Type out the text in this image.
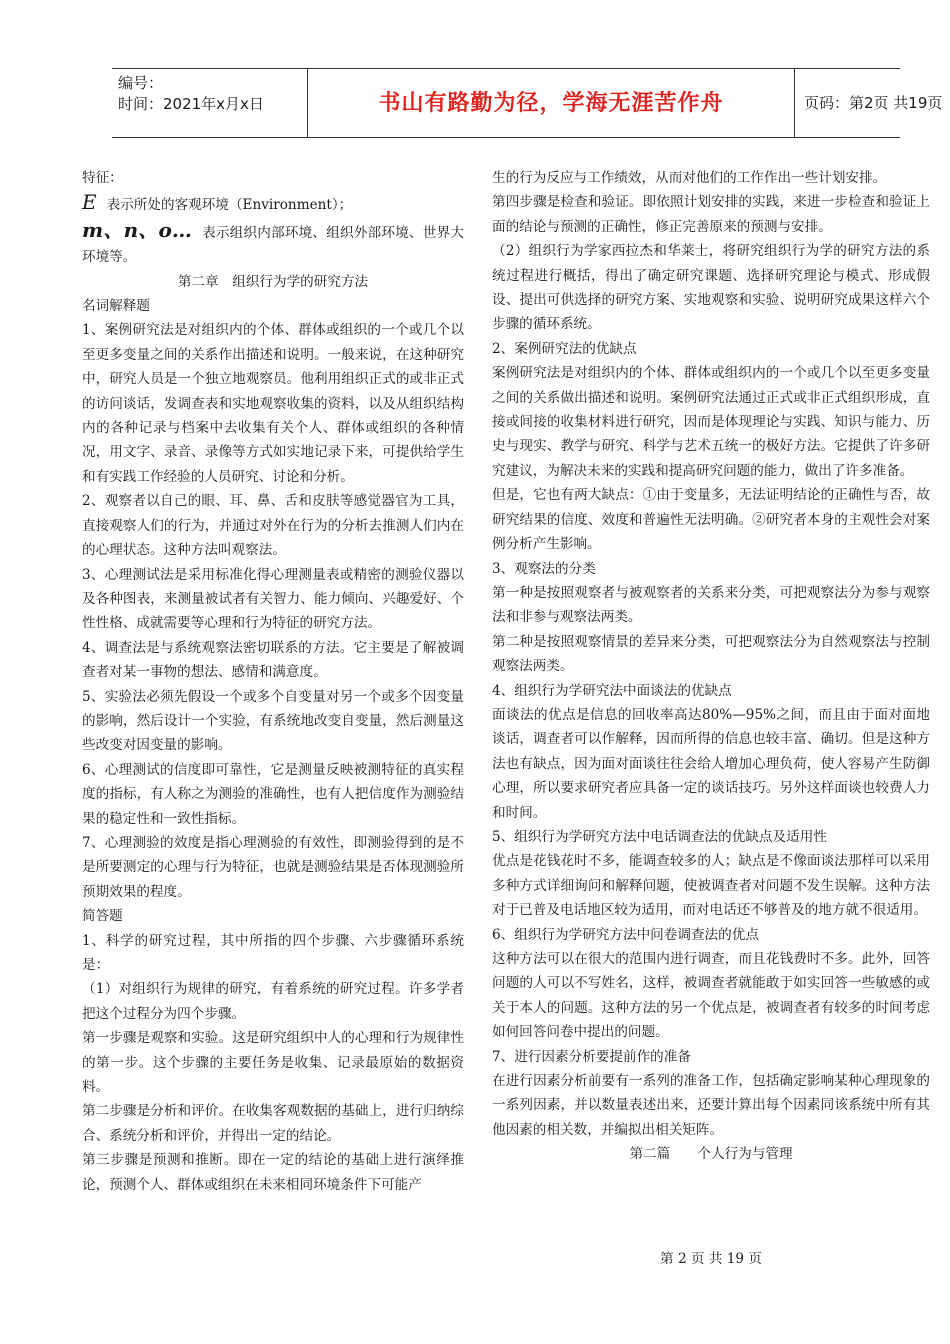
编号：
时间：2021年x月x日	书山有路勤为径，学海无涯苦作舟	页码：第2页 共19页

特征：

E 表示所处的客观环境（Environment）；

m、n、o… 表示组织内部环境、组织外部环境、世界大环境等。

第二章　组织行为学的研究方法

名词解释题

1、案例研究法是对组织内的个体、群体或组织的一个或几个以至更多变量之间的关系作出描述和说明。一般来说，在这种研究中，研究人员是一个独立地观察员。他利用组织正式的或非正式的访问谈话，发调查表和实地观察收集的资料，以及从组织结构内的各种记录与档案中去收集有关个人、群体或组织的各种情况，用文字、录音、录像等方式如实地记录下来，可提供给学生和有实践工作经验的人员研究、讨论和分析。

2、观察者以自己的眼、耳、鼻、舌和皮肤等感觉器官为工具，直接观察人们的行为，并通过对外在行为的分析去推测人们内在的心理状态。这种方法叫观察法。

3、心理测试法是采用标准化得心理测量表或精密的测验仪器以及各种图表，来测量被试者有关智力、能力倾向、兴趣爱好、个性性格、成就需要等心理和行为特征的研究方法。

4、调查法是与系统观察法密切联系的方法。它主要是了解被调查者对某一事物的想法、感情和满意度。

5、实验法必须先假设一个或多个自变量对另一个或多个因变量的影响，然后设计一个实验，有系统地改变自变量，然后测量这些改变对因变量的影响。

6、心理测试的信度即可靠性，它是测量反映被测特征的真实程度的指标，有人称之为测验的准确性，也有人把信度作为测验结果的稳定性和一致性指标。

7、心理测验的效度是指心理测验的有效性，即测验得到的是不是所要测定的心理与行为特征，也就是测验结果是否体现测验所预期效果的程度。

简答题

1、科学的研究过程，其中所指的四个步骤、六步骤循环系统是：

（1）对组织行为规律的研究，有着系统的研究过程。许多学者把这个过程分为四个步骤。

第一步骤是观察和实验。这是研究组织中人的心理和行为规律性的第一步。这个步骤的主要任务是收集、记录最原始的数据资料。

第二步骤是分析和评价。在收集客观数据的基础上，进行归纳综合、系统分析和评价，并得出一定的结论。

第三步骤是预测和推断。即在一定的结论的基础上进行演绎推论，预测个人、群体或组织在未来相同环境条件下可能产

生的行为反应与工作绩效，从而对他们的工作作出一些计划安排。

第四步骤是检查和验证。即依照计划安排的实践，来进一步检查和验证上面的结论与预测的正确性，修正完善原来的预测与安排。

（2）组织行为学家西拉杰和华莱士，将研究组织行为学的研究方法的系统过程进行概括，得出了确定研究课题、选择研究理论与模式、形成假设、提出可供选择的研究方案、实地观察和实验、说明研究成果这样六个步骤的循环系统。

2、案例研究法的优缺点

案例研究法是对组织内的个体、群体或组织内的一个或几个以至更多变量之间的关系做出描述和说明。案例研究法通过正式或非正式组织形成，直接或间接的收集材料进行研究，因而是体现理论与实践、知识与能力、历史与现实、教学与研究、科学与艺术五统一的极好方法。它提供了许多研究建议，为解决未来的实践和提高研究问题的能力，做出了许多准备。

但是，它也有两大缺点：①由于变量多，无法证明结论的正确性与否，故研究结果的信度、效度和普遍性无法明确。②研究者本身的主观性会对案例分析产生影响。

3、观察法的分类

第一种是按照观察者与被观察者的关系来分类，可把观察法分为参与观察法和非参与观察法两类。

第二种是按照观察情景的差异来分类，可把观察法分为自然观察法与控制观察法两类。

4、组织行为学研究法中面谈法的优缺点

面谈法的优点是信息的回收率高达80%—95%之间，而且由于面对面地谈话，调查者可以作解释，因而所得的信息也较丰富、确切。但是这种方法也有缺点，因为面对面谈往往会给人增加心理负荷，使人容易产生防御心理，所以要求研究者应具备一定的谈话技巧。另外这样面谈也较费人力和时间。

5、组织行为学研究方法中电话调查法的优缺点及适用性

优点是花钱花时不多，能调查较多的人；缺点是不像面谈法那样可以采用多种方式详细询问和解释问题，使被调查者对问题不发生误解。这种方法对于已普及电话地区较为适用，而对电话还不够普及的地方就不很适用。

6、组织行为学研究方法中问卷调查法的优点

这种方法可以在很大的范围内进行调查，而且花钱费时不多。此外，回答问题的人可以不写姓名，这样，被调查者就能敢于如实回答一些敏感的或关于本人的问题。这种方法的另一个优点是，被调查者有较多的时间考虑如何回答问卷中提出的问题。

7、进行因素分析要提前作的准备

在进行因素分析前要有一系列的准备工作，包括确定影响某种心理现象的一系列因素，并以数量表述出来，还要计算出每个因素同该系统中所有其他因素的相关数，并编拟出相关矩阵。

第二篇　　个人行为与管理

第 2 页 共 19 页
